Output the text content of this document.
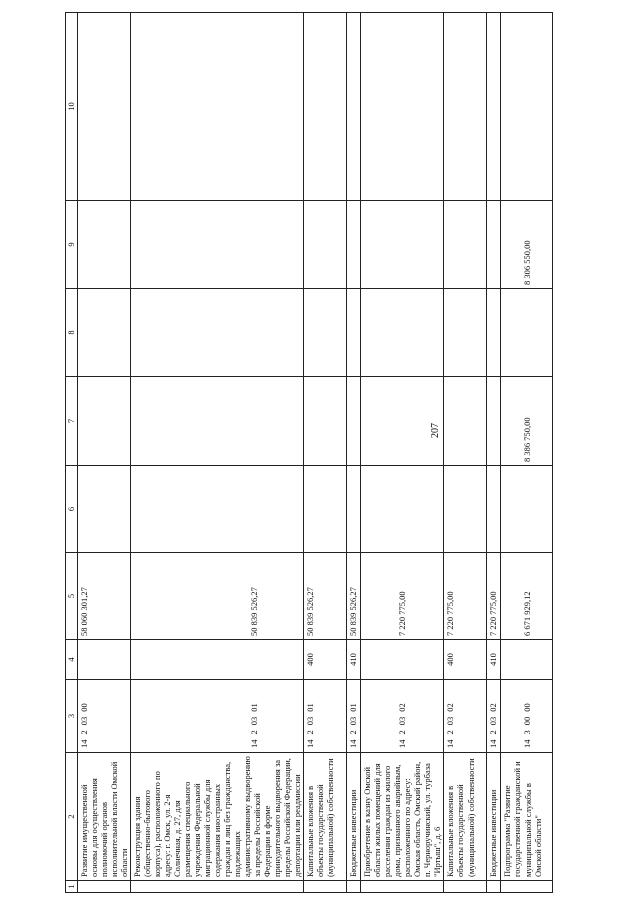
207
1	2	3	4	5	6	7	8	9	10
	Развитие имущественной основы для осуществления полномочий органов исполнительной власти Омской области	1420300		58 060 301,27					
	Реконструкция здания (общественно-бытового корпуса), расположенного по адресу: г. Омск, ул. 2-я Солнечная, д. 27, для размещения специального учреждения Федеральной миграционной службы для содержания иностранных граждан и лиц без гражданства, подлежащих административному выдворению за пределы Российской Федерации в форме принудительного выдворения за пределы Российской Федерации, депортации или реадмиссии	1420301		50 839 526,27					
	Капитальные вложения в объекты государственной (муниципальной) собственности	1420301	400	50 839 526,27					
	Бюджетные инвестиции	1420301	410	50 839 526,27					
	Приобретение в казну Омской области жилых помещений для расселения граждан из жилого дома, признанного аварийным, расположенного по адресу: Омская область, Омский район, п. Черноручинский, ул. турбаза "Иртыш", д. 6	1420302		7 220 775,00					
	Капитальные вложения в объекты государственной (муниципальной) собственности	1420302	400	7 220 775,00					
	Бюджетные инвестиции	1420302	410	7 220 775,00					
	Подпрограмма "Развитие государственной гражданской и муниципальной службы в Омской области"	1430000		6 671 929,12		8 386 750,00		8 306 550,00	
